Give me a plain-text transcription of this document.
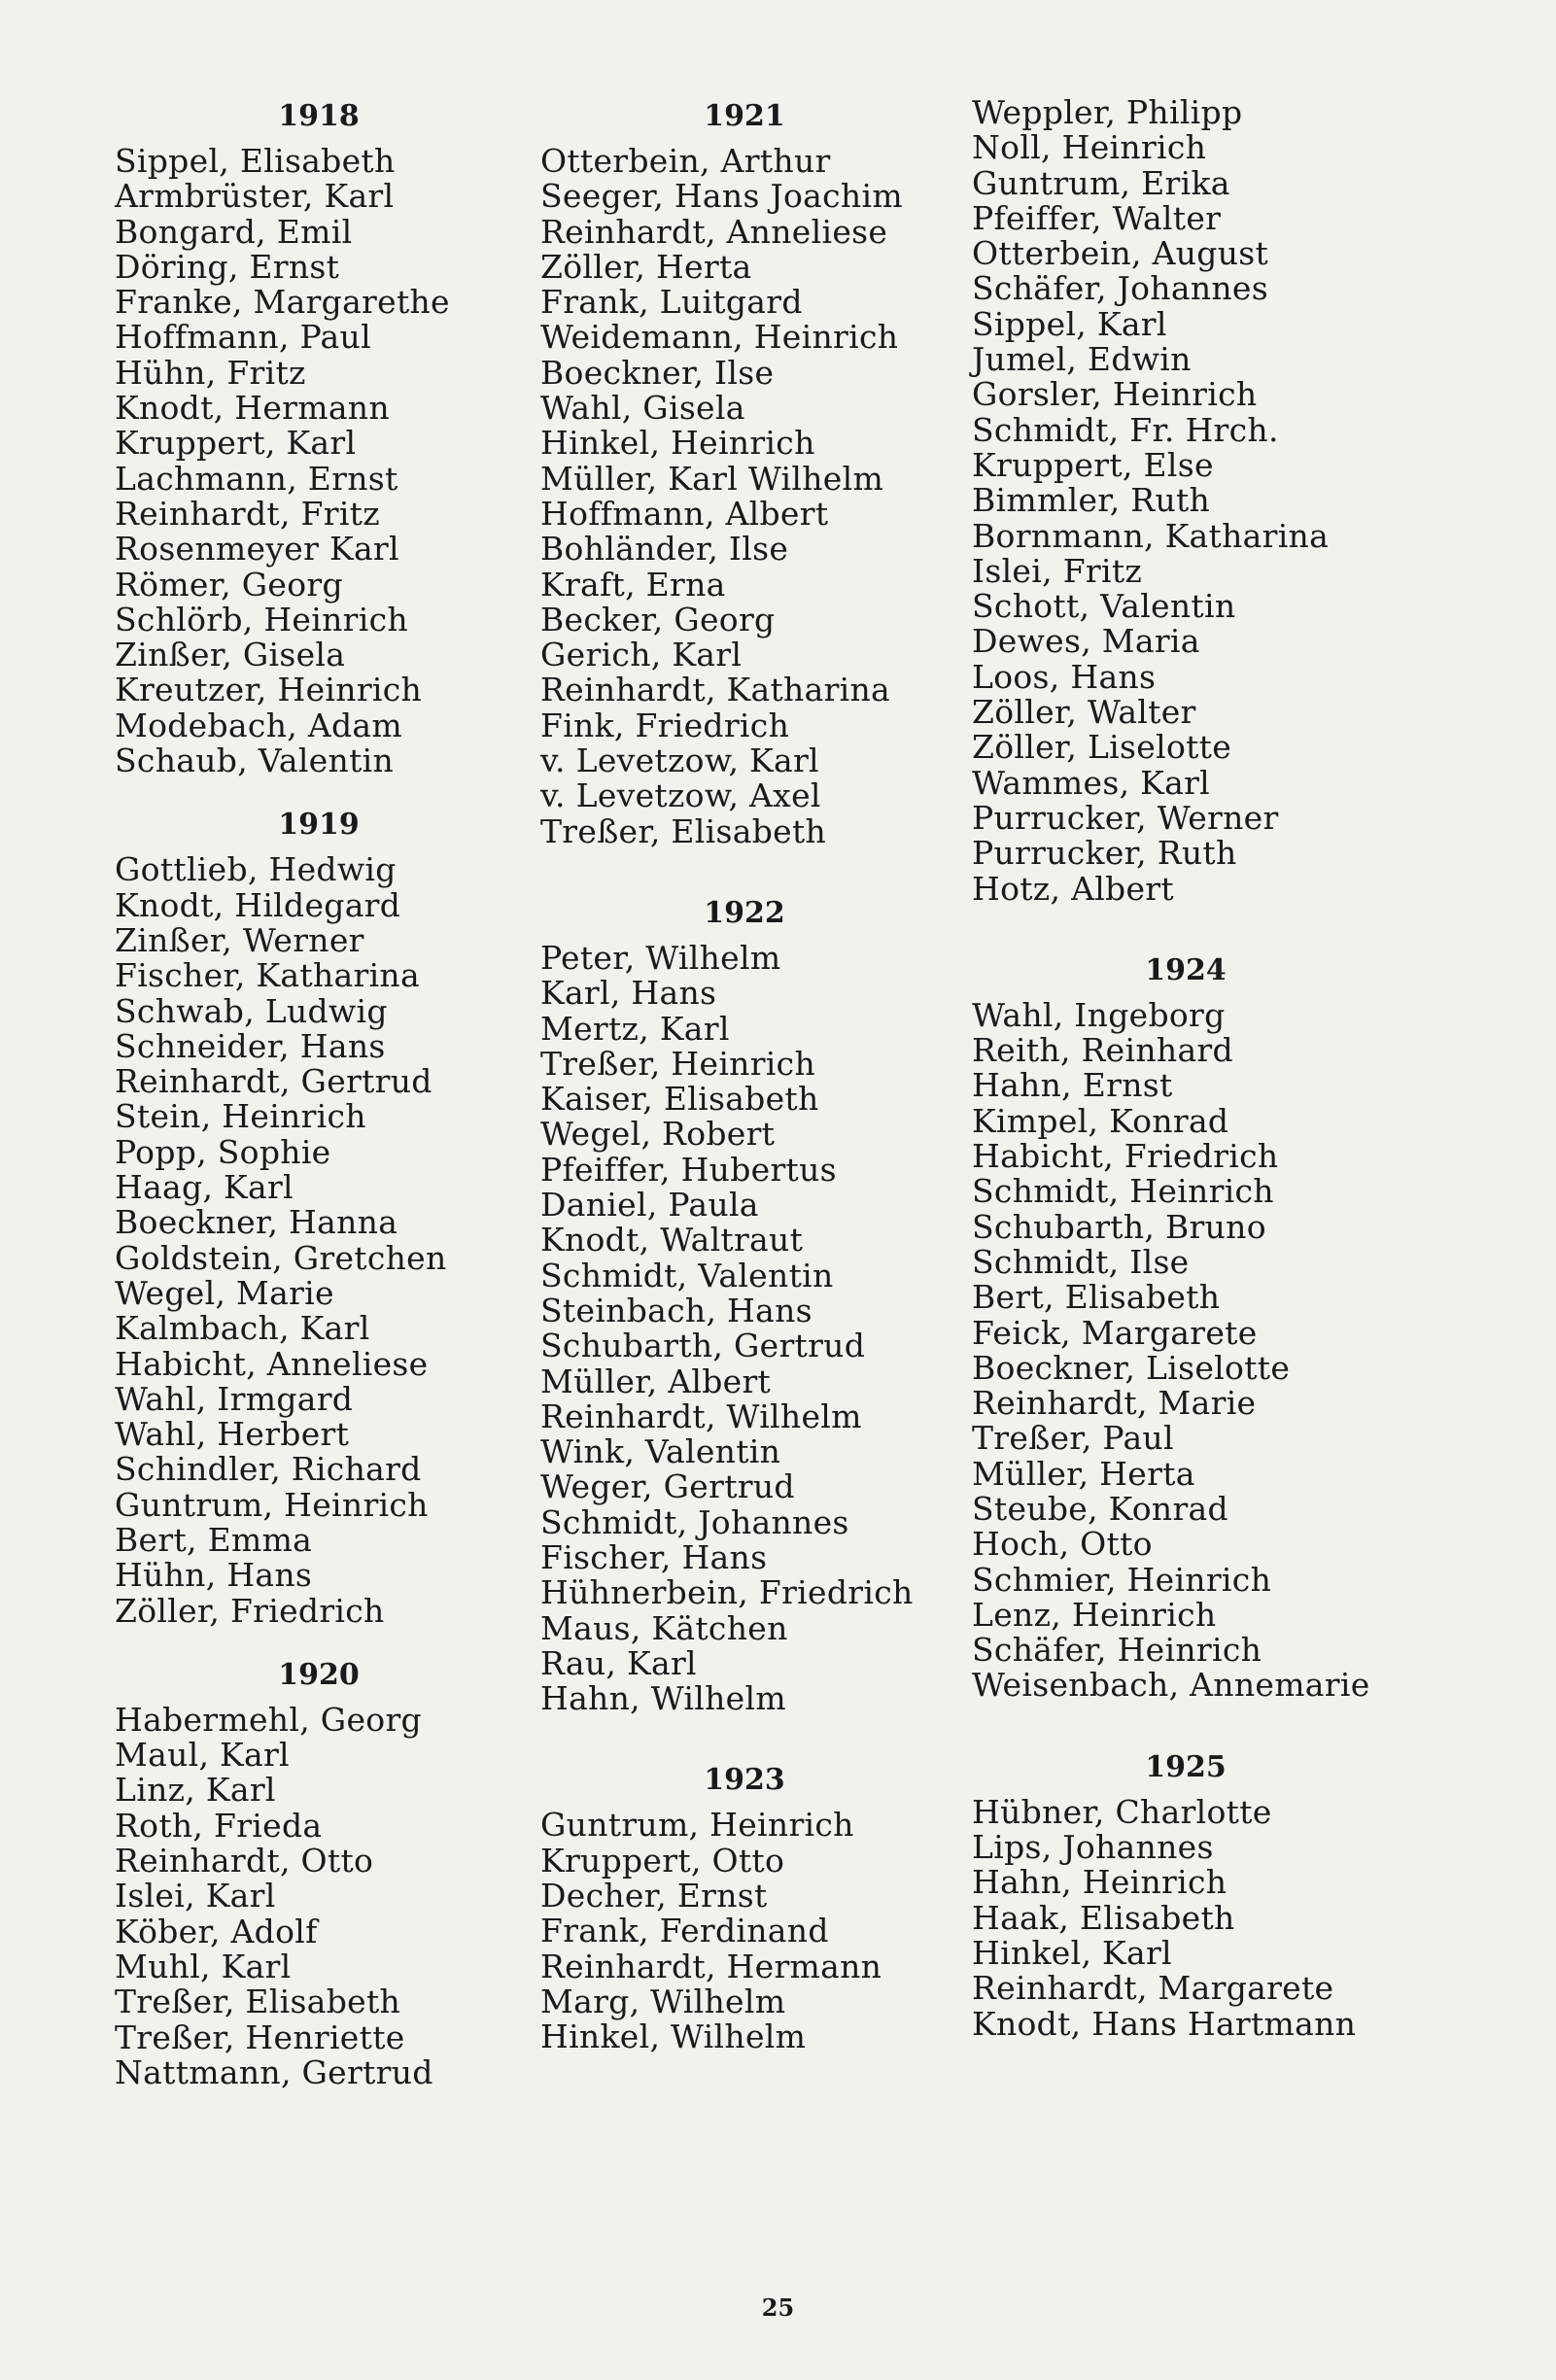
1918
Sippel, Elisabeth
Armbrüster, Karl
Bongard, Emil
Döring, Ernst
Franke, Margarethe
Hoffmann, Paul
Hühn, Fritz
Knodt, Hermann
Kruppert, Karl
Lachmann, Ernst
Reinhardt, Fritz
Rosenmeyer Karl
Römer, Georg
Schlörb, Heinrich
Zinßer, Gisela
Kreutzer, Heinrich
Modebach, Adam
Schaub, Valentin
1919
Gottlieb, Hedwig
Knodt, Hildegard
Zinßer, Werner
Fischer, Katharina
Schwab, Ludwig
Schneider, Hans
Reinhardt, Gertrud
Stein, Heinrich
Popp, Sophie
Haag, Karl
Boeckner, Hanna
Goldstein, Gretchen
Wegel, Marie
Kalmbach, Karl
Habicht, Anneliese
Wahl, Irmgard
Wahl, Herbert
Schindler, Richard
Guntrum, Heinrich
Bert, Emma
Hühn, Hans
Zöller, Friedrich
1920
Habermehl, Georg
Maul, Karl
Linz, Karl
Roth, Frieda
Reinhardt, Otto
Islei, Karl
Köber, Adolf
Muhl, Karl
Treßer, Elisabeth
Treßer, Henriette
Nattmann, Gertrud
1921
Otterbein, Arthur
Seeger, Hans Joachim
Reinhardt, Anneliese
Zöller, Herta
Frank, Luitgard
Weidemann, Heinrich
Boeckner, Ilse
Wahl, Gisela
Hinkel, Heinrich
Müller, Karl Wilhelm
Hoffmann, Albert
Bohländer, Ilse
Kraft, Erna
Becker, Georg
Gerich, Karl
Reinhardt, Katharina
Fink, Friedrich
v. Levetzow, Karl
v. Levetzow, Axel
Treßer, Elisabeth
1922
Peter, Wilhelm
Karl, Hans
Mertz, Karl
Treßer, Heinrich
Kaiser, Elisabeth
Wegel, Robert
Pfeiffer, Hubertus
Daniel, Paula
Knodt, Waltraut
Schmidt, Valentin
Steinbach, Hans
Schubarth, Gertrud
Müller, Albert
Reinhardt, Wilhelm
Wink, Valentin
Weger, Gertrud
Schmidt, Johannes
Fischer, Hans
Hühnerbein, Friedrich
Maus, Kätchen
Rau, Karl
Hahn, Wilhelm
1923
Guntrum, Heinrich
Kruppert, Otto
Decher, Ernst
Frank, Ferdinand
Reinhardt, Hermann
Marg, Wilhelm
Hinkel, Wilhelm
Weppler, Philipp
Noll, Heinrich
Guntrum, Erika
Pfeiffer, Walter
Otterbein, August
Schäfer, Johannes
Sippel, Karl
Jumel, Edwin
Gorsler, Heinrich
Schmidt, Fr. Hrch.
Kruppert, Else
Bimmler, Ruth
Bornmann, Katharina
Islei, Fritz
Schott, Valentin
Dewes, Maria
Loos, Hans
Zöller, Walter
Zöller, Liselotte
Wammes, Karl
Purrucker, Werner
Purrucker, Ruth
Hotz, Albert
1924
Wahl, Ingeborg
Reith, Reinhard
Hahn, Ernst
Kimpel, Konrad
Habicht, Friedrich
Schmidt, Heinrich
Schubarth, Bruno
Schmidt, Ilse
Bert, Elisabeth
Feick, Margarete
Boeckner, Liselotte
Reinhardt, Marie
Treßer, Paul
Müller, Herta
Steube, Konrad
Hoch, Otto
Schmier, Heinrich
Lenz, Heinrich
Schäfer, Heinrich
Weisenbach, Annemarie
1925
Hübner, Charlotte
Lips, Johannes
Hahn, Heinrich
Haak, Elisabeth
Hinkel, Karl
Reinhardt, Margarete
Knodt, Hans Hartmann
25
